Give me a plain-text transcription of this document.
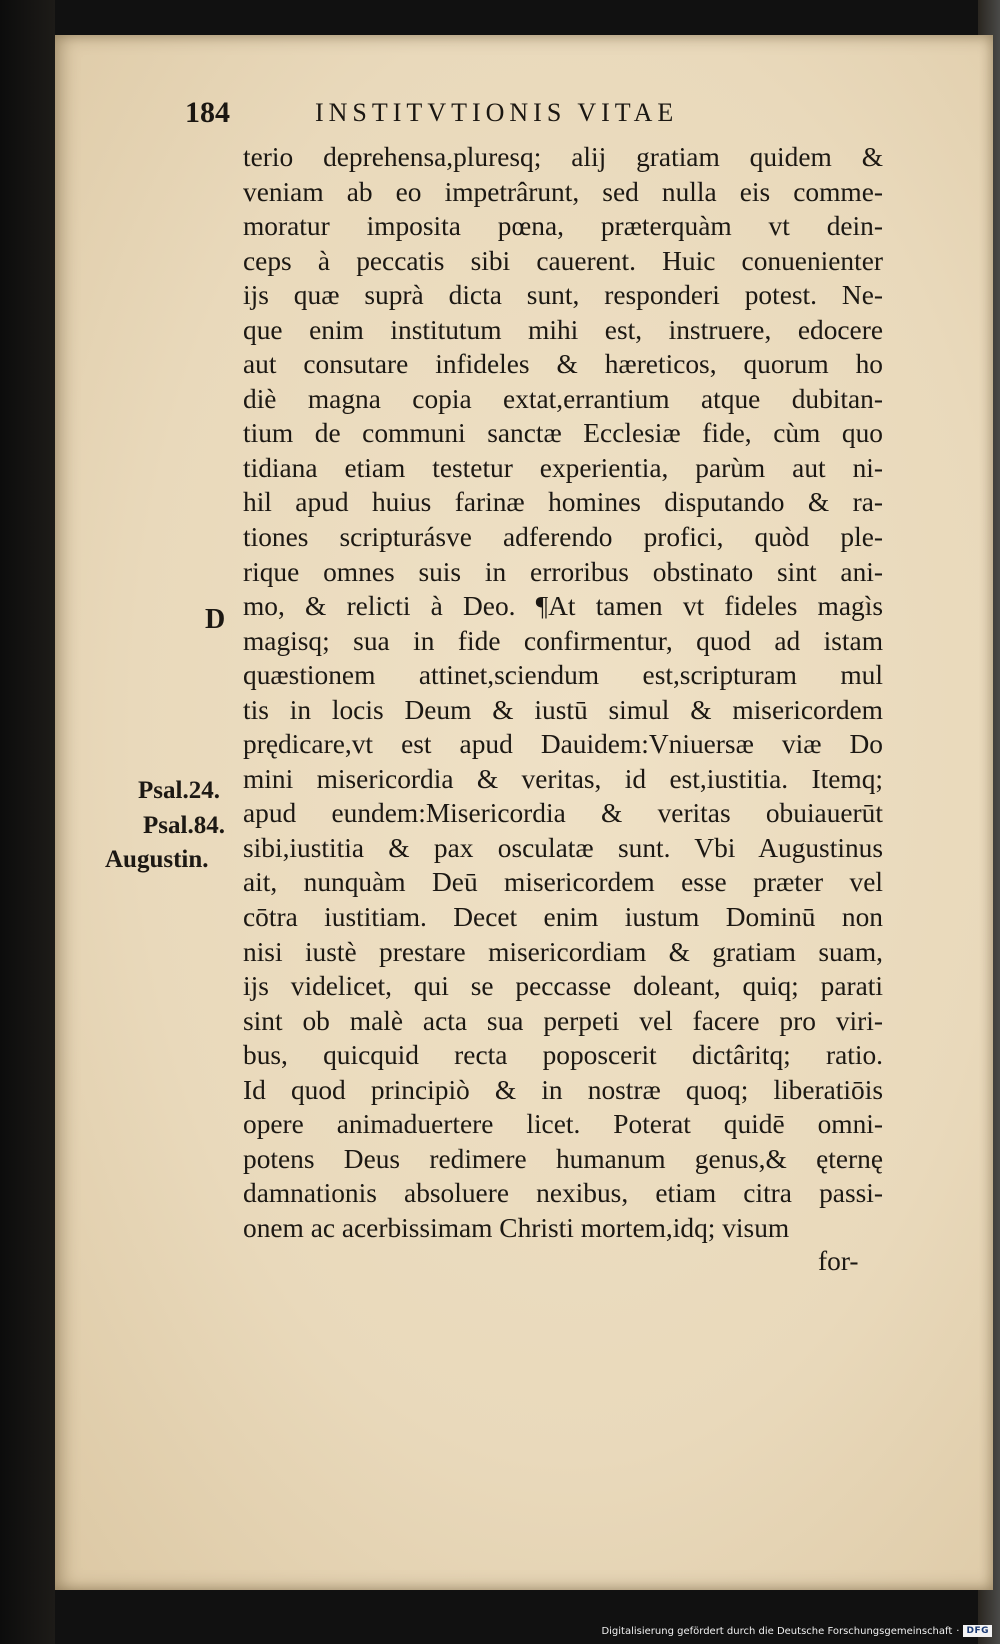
184	INSTITVTIONIS VITAE
D
Psal.24.
Psal.84.
Augustin.
terio deprehensa,pluresq; alij gratiam quidem &
veniam ab eo impetrârunt, sed nulla eis comme-
moratur imposita pœna, præterquàm vt dein-
ceps à peccatis sibi cauerent. Huic conuenienter
ijs quæ suprà dicta sunt, responderi potest. Ne-
que enim institutum mihi est, instruere, edocere
aut consutare infideles & hæreticos, quorum ho
diè magna copia extat,errantium atque dubitan-
tium de communi sanctæ Ecclesiæ fide, cùm quo
tidiana etiam testetur experientia, parùm aut ni-
hil apud huius farinæ homines disputando & ra-
tiones scripturásve adferendo profici, quòd ple-
rique omnes suis in erroribus obstinato sint ani-
mo, & relicti à Deo. ¶At tamen vt fideles magìs
magisq; sua in fide confirmentur, quod ad istam
quæstionem attinet,sciendum est,scripturam mul
tis in locis Deum & iustū simul & misericordem
prędicare,vt est apud Dauidem:Vniuersæ viæ Do
mini misericordia & veritas, id est,iustitia. Itemq;
apud eundem:Misericordia & veritas obuiauerūt
sibi,iustitia & pax osculatæ sunt. Vbi Augustinus
ait, nunquàm Deū misericordem esse præter vel
cōtra iustitiam. Decet enim iustum Dominū non
nisi iustè prestare misericordiam & gratiam suam,
ijs videlicet, qui se peccasse doleant, quiq; parati
sint ob malè acta sua perpeti vel facere pro viri-
bus, quicquid recta poposcerit dictâritq; ratio.
Id quod principiò & in nostræ quoq; liberatiōis
opere animaduertere licet. Poterat quidē omni-
potens Deus redimere humanum genus,& ęternę
damnationis absoluere nexibus, etiam citra passi-
onem ac acerbissimam Christi mortem,idq; visum
for-
Digitalisierung gefördert durch die Deutsche Forschungsgemeinschaft · DFG
